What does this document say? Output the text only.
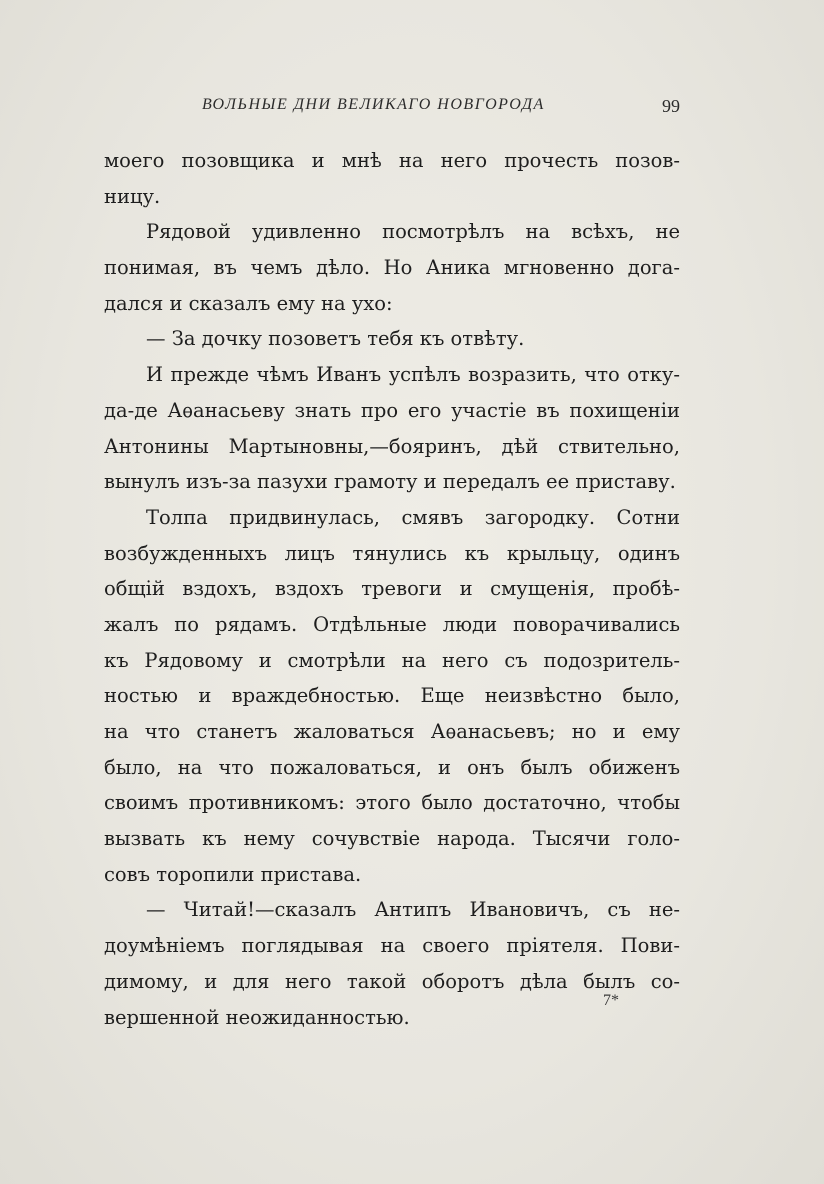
ВОЛЬНЫЕ ДНИ ВЕЛИКАГО НОВГОРОДА	99
моего позовщика и мнѣ на него прочесть позов-
ницу.
Рядовой удивленно посмотрѣлъ на всѣхъ, не
понимая, въ чемъ дѣло. Но Аника мгновенно дога-
дался и сказалъ ему на ухо:
— За дочку позоветъ тебя къ отвѣту.
И прежде чѣмъ Иванъ успѣлъ возразить, что отку-
да-де Аѳанасьеву знать про его участіе въ похищеніи
Антонины Мартыновны,—бояринъ, дѣй ствительно,
вынулъ изъ-за пазухи грамоту и передалъ ее приставу.
Толпа придвинулась, смявъ загородку. Сотни
возбужденныхъ лицъ тянулись къ крыльцу, одинъ
общій вздохъ, вздохъ тревоги и смущенія, пробѣ-
жалъ по рядамъ. Отдѣльные люди поворачивались
къ Рядовому и смотрѣли на него съ подозритель-
ностью и враждебностью. Еще неизвѣстно было,
на что станетъ жаловаться Аѳанасьевъ; но и ему
было, на что пожаловаться, и онъ былъ обиженъ
своимъ противникомъ: этого было достаточно, чтобы
вызвать къ нему сочувствіе народа. Тысячи голо-
совъ торопили пристава.
— Читай!—сказалъ Антипъ Ивановичъ, съ не-
доумѣніемъ поглядывая на своего пріятеля. Пови-
димому, и для него такой оборотъ дѣла былъ со-
вершенной неожиданностью.
7*
